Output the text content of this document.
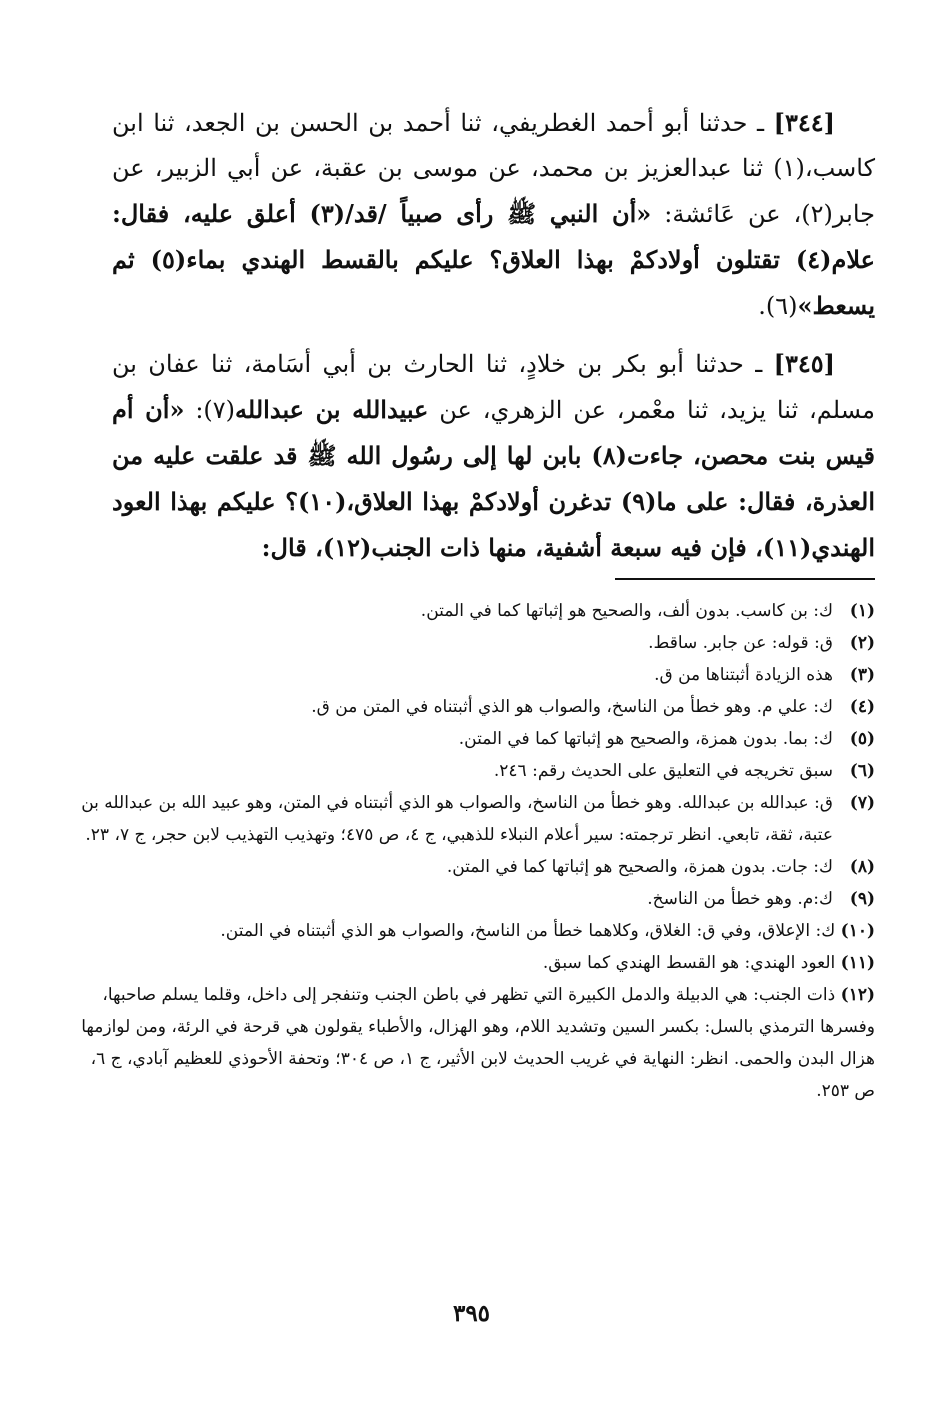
[٣٤٤] ـ حدثنا أبو أحمد الغطريفي، ثنا أحمد بن الحسن بن الجعد، ثنا ابن كاسب،(١) ثنا عبدالعزيز بن محمد، عن موسى بن عقبة، عن أبي الزبير، عن جابر(٢)، عن عَائشة: «أن النبي ﷺ رأى صبياً /قد/(٣) أعلق عليه، فقال: علام(٤) تقتلون أولادكمْ بهذا العلاق؟ عليكم بالقسط الهندي بماء(٥) ثم يسعط»(٦).

[٣٤٥] ـ حدثنا أبو بكر بن خلادٍ، ثنا الحارث بن أبي أسَامة، ثنا عفان بن مسلم، ثنا يزيد، ثنا معْمر، عن الزهري، عن عبيدالله بن عبدالله(٧): «أن أم قيس بنت محصن، جاءت(٨) بابن لها إلى رسُول الله ﷺ قد علقت عليه من العذرة، فقال: على ما(٩) تدغرن أولادكمْ بهذا العلاق،(١٠)؟ عليكم بهذا العود الهندي(١١)، فإن فيه سبعة أشفية، منها ذات الجنب(١٢)، قال:

(١)
ك: بن كاسب. بدون ألف، والصحيح هو إثباتها كما في المتن.
(٢)
ق: قوله: عن جابر. ساقط.
(٣)
هذه الزيادة أثبتناها من ق.
(٤)
ك: علي م. وهو خطأ من الناسخ، والصواب هو الذي أثبتناه في المتن من ق.
(٥)
ك: بما. بدون همزة، والصحيح هو إثباتها كما في المتن.
(٦)
سبق تخريجه في التعليق على الحديث رقم: ٢٤٦.
(٧)
ق: عبدالله بن عبدالله. وهو خطأ من الناسخ، والصواب هو الذي أثبتناه في المتن، وهو عبيد الله بن عبدالله بن عتبة، ثقة، تابعي. انظر ترجمته: سير أعلام النبلاء للذهبي، ج ٤، ص ٤٧٥؛ وتهذيب التهذيب لابن حجر، ج ٧، ٢٣.
(٨)
ك: جات. بدون همزة، والصحيح هو إثباتها كما في المتن.
(٩)
ك:م. وهو خطأ من الناسخ.
(١٠) ك: الإعلاق، وفي ق: الغلاق، وكلاهما خطأ من الناسخ، والصواب هو الذي أثبتناه في المتن.
(١١) العود الهندي: هو القسط الهندي كما سبق.
(١٢) ذات الجنب: هي الدبيلة والدمل الكبيرة التي تظهر في باطن الجنب وتنفجر إلى داخل، وقلما يسلم صاحبها، وفسرها الترمذي بالسل: بكسر السين وتشديد اللام، وهو الهزال، والأطباء يقولون هي قرحة في الرئة، ومن لوازمها هزال البدن والحمى. انظر: النهاية في غريب الحديث لابن الأثير، ج ١، ص ٣٠٤؛ وتحفة الأحوذي للعظيم آبادي، ج ٦، ص ٢٥٣.
٣٩٥
